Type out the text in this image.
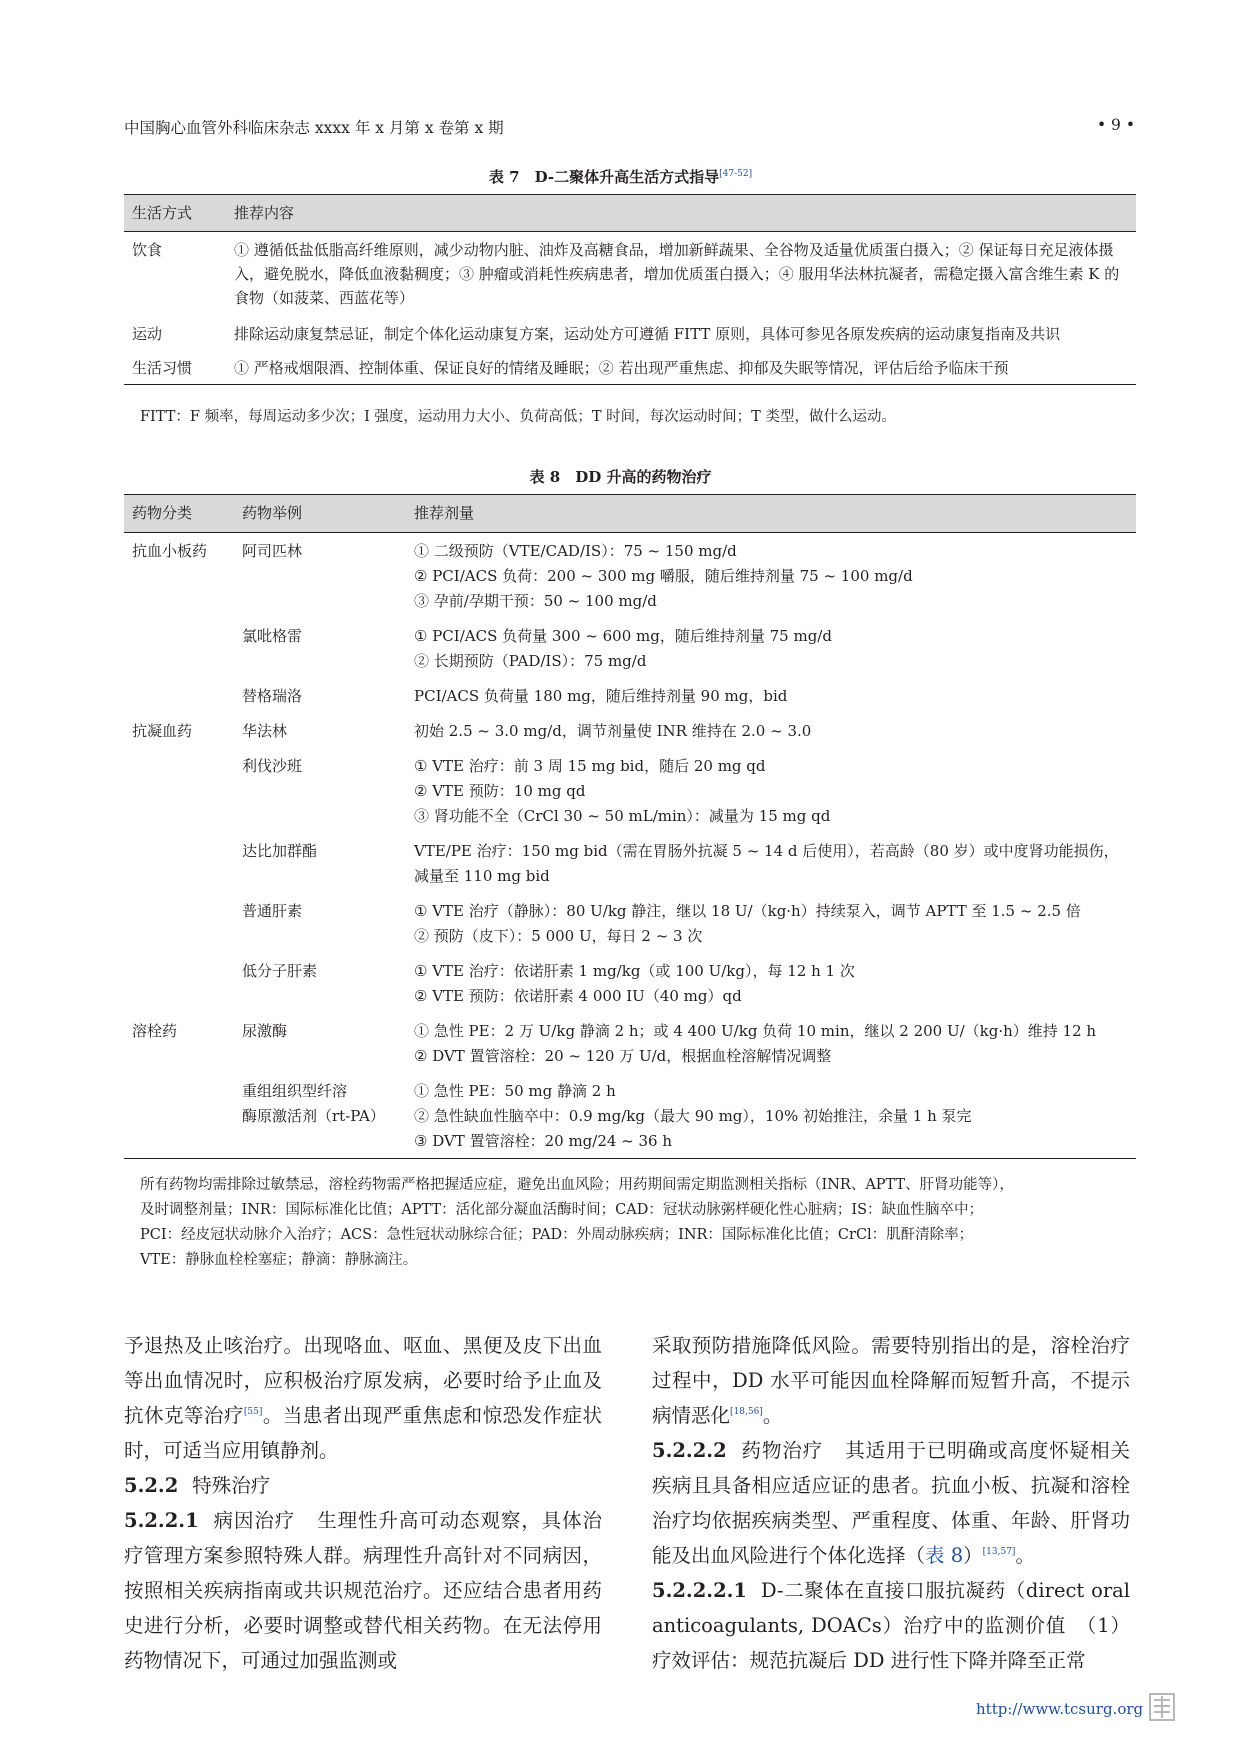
中国胸心血管外科临床杂志 xxxx 年 x 月第 x 卷第 x 期	• 9 •
表 7　D-二聚体升高生活方式指导[47-52]
生活方式	推荐内容
饮食	① 遵循低盐低脂高纤维原则，减少动物内脏、油炸及高糖食品，增加新鲜蔬果、全谷物及适量优质蛋白摄入；② 保证每日充足液体摄入，避免脱水，降低血液黏稠度；③ 肿瘤或消耗性疾病患者，增加优质蛋白摄入；④ 服用华法林抗凝者，需稳定摄入富含维生素 K 的食物（如菠菜、西蓝花等）
运动	排除运动康复禁忌证，制定个体化运动康复方案，运动处方可遵循 FITT 原则，具体可参见各原发疾病的运动康复指南及共识
生活习惯	① 严格戒烟限酒、控制体重、保证良好的情绪及睡眠；② 若出现严重焦虑、抑郁及失眠等情况，评估后给予临床干预
FITT：F 频率，每周运动多少次；I 强度，运动用力大小、负荷高低；T 时间，每次运动时间；T 类型，做什么运动。
表 8　DD 升高的药物治疗
药物分类	药物举例	推荐剂量
抗血小板药	阿司匹林	① 二级预防（VTE/CAD/IS）：75 ~ 150 mg/d
② PCI/ACS 负荷：200 ~ 300 mg 嚼服，随后维持剂量 75 ~ 100 mg/d
③ 孕前/孕期干预：50 ~ 100 mg/d

	氯吡格雷	① PCI/ACS 负荷量 300 ~ 600 mg，随后维持剂量 75 mg/d
② 长期预防（PAD/IS）：75 mg/d

	替格瑞洛	PCI/ACS 负荷量 180 mg，随后维持剂量 90 mg，bid

抗凝血药	华法林	初始 2.5 ~ 3.0 mg/d，调节剂量使 INR 维持在 2.0 ~ 3.0

	利伐沙班	① VTE 治疗：前 3 周 15 mg bid，随后 20 mg qd
② VTE 预防：10 mg qd
③ 肾功能不全（CrCl 30 ~ 50 mL/min）：减量为 15 mg qd

	达比加群酯	VTE/PE 治疗：150 mg bid（需在胃肠外抗凝 5 ~ 14 d 后使用），若高龄（80 岁）或中度肾功能损伤，减量至 110 mg bid

	普通肝素	① VTE 治疗（静脉）：80 U/kg 静注，继以 18 U/（kg·h）持续泵入，调节 APTT 至 1.5 ~ 2.5 倍
② 预防（皮下）：5 000 U，每日 2 ~ 3 次

	低分子肝素	① VTE 治疗：依诺肝素 1 mg/kg（或 100 U/kg），每 12 h 1 次
② VTE 预防：依诺肝素 4 000 IU（40 mg）qd

溶栓药	尿激酶	① 急性 PE：2 万 U/kg 静滴 2 h；或 4 400 U/kg 负荷 10 min，继以 2 200 U/（kg·h）维持 12 h
② DVT 置管溶栓：20 ~ 120 万 U/d，根据血栓溶解情况调整

	重组组织型纤溶
酶原激活剂（rt-PA）	① 急性 PE：50 mg 静滴 2 h
② 急性缺血性脑卒中：0.9 mg/kg（最大 90 mg），10% 初始推注，余量 1 h 泵完
③ DVT 置管溶栓：20 mg/24 ~ 36 h
所有药物均需排除过敏禁忌，溶栓药物需严格把握适应症，避免出血风险；用药期间需定期监测相关指标（INR、APTT、肝肾功能等），
及时调整剂量；INR：国际标准化比值；APTT：活化部分凝血活酶时间；CAD：冠状动脉粥样硬化性心脏病；IS：缺血性脑卒中；
PCI：经皮冠状动脉介入治疗；ACS：急性冠状动脉综合征；PAD：外周动脉疾病；INR：国际标准化比值；CrCl：肌酐清除率；
VTE：静脉血栓栓塞症；静滴：静脉滴注。

予退热及止咳治疗。出现咯血、呕血、黑便及皮下出血等出血情况时，应积极治疗原发病，必要时给予止血及抗休克等治疗[55]。当患者出现严重焦虑和惊恐发作症状时，可适当应用镇静剂。

5.2.2 特殊治疗

5.2.2.1 病因治疗 生理性升高可动态观察，具体治疗管理方案参照特殊人群。病理性升高针对不同病因，按照相关疾病指南或共识规范治疗。还应结合患者用药史进行分析，必要时调整或替代相关药物。在无法停用药物情况下，可通过加强监测或

采取预防措施降低风险。需要特别指出的是，溶栓治疗过程中，DD 水平可能因血栓降解而短暂升高，不提示病情恶化[18,56]。

5.2.2.2 药物治疗 其适用于已明确或高度怀疑相关疾病且具备相应适应证的患者。抗血小板、抗凝和溶栓治疗均依据疾病类型、严重程度、体重、年龄、肝肾功能及出血风险进行个体化选择（表 8）[13,57]。

5.2.2.2.1 D-二聚体在直接口服抗凝药（direct oral anticoagulants, DOACs）治疗中的监测价值　（1）疗效评估：规范抗凝后 DD 进行性下降并降至正常

http://www.tcsurg.org
